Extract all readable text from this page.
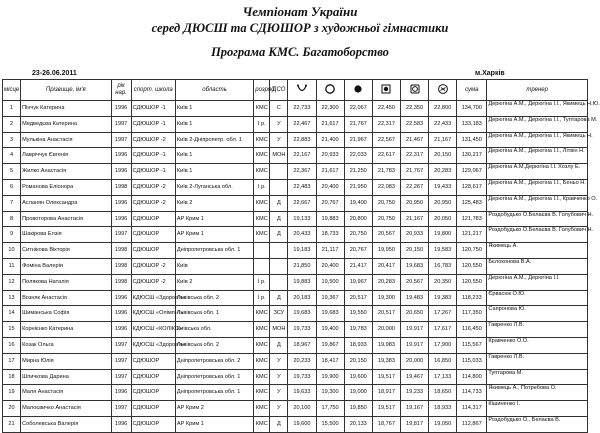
Чемпіонат України
серед ДЮСШ та СДЮШОР з художньої гімнастики
Програма КМС. Багатоборство
23-26.06.2011	м.Харків
місце	Прізвище, ім'я	рік нар.	спорт. школа	область	розряд	ДСО							сума	тренер
1	Пінчук Катерина	1996	СДЮШОР -1	Київ 1	КМС	С	22,733	22,300	22,067	22,450	22,350	22,800	134,700	Дерюгіна А.М., Дерюгіна І.І., Якимець Н.Ю.
2	Медведєва Катерина	1997	СДЮШОР -1	Київ 1	І р.	У	22,467	21,617	21,767	22,317	22,583	22,433	133,183	Дерюгіна А.М., Дерюгіна І.І., Туптарова М.
3	Мулькіна Анастасія	1997	СДЮШОР -2	Київ 2-Дніпропетр. обл. 1	КМС	У	22,883	21,400	21,967	22,567	21,467	21,167	131,450	Дерюгіна А.М., Дерюгіна І.І., Якимець Н.
4	Лавріччук Євгенія	1996	СДЮШОР -1	Київ 1	КМС	МОН	22,167	20,933	22,033	22,617	22,317	20,150	130,217	Дерюгіна А.М., Дерюгіна І.І., Літвін Н.
5	Жилко Анастасія	1996	СДЮШОР -1	Київ 1	КМС		22,367	21,617	21,250	21,783	21,767	20,283	129,067	Дерюгіна А.М.Дерюгіна І.І. Хозлу Е.
6	Романова Еліонора	1998	СДЮШОР -2	Київ 2-Луганська обл.	І р.		22,483	20,400	21,950	22,083	22,267	19,433	128,617	Дерюгіна А.М., Дерюгіна І.І., Беньо Н.
7	Асланян Олександра	1996	СДЮШОР -2	Київ 2	КМС	Д	22,667	20,767	19,400	20,750	20,950	20,950	125,483	Дерюгіна А.М., Дерюгіна І.І., Кравченко О.
8	Провоторова Анастасія	1996	СДЮШОР	АР Крим 1	КМС	Д	19,133	19,883	20,800	20,750	21,167	20,050	121,783	Роздобудько О.Белаєва В. Голубович Н.
9	Шакірова Елзія	1997	СДЮШОР	АР Крим 1	КМС	Д	20,433	18,733	20,750	20,567	20,933	19,800	121,217	Роздобудько О.Белаєва В. Голубович Н.
10	Ситнікова Вікторія	1998	СДЮШОР	Дніпропетровська обл. 1			19,183	21,117	20,767	19,950	20,150	19,583	120,750	Якимець А.
11	Фоміна Валерія	1998	СДЮШОР -2	Київ			21,850	20,400	21,417	20,417	19,683	16,783	120,550	Бєлоконова В.А.
12	Полякова Наталія	1998	СДЮШОР -2	Київ 2	І р.		19,883	19,500	19,967	20,283	20,567	20,350	120,550	Дерюгіна А.М., Дерюгіна І.І.
13	Возняк Анастасія	1996	КДЮСШ «Здоров'я»	Львівська обл. 2	І р.	Д	20,183	19,367	20,517	19,300	19,483	19,383	118,233	Єрвасюк О.Ю.
14	Шиманська Софія	1996	КДЮСШ «Олімп-Л»	Львівська обл. 1	КМС	ЗСУ	19,683	19,683	19,550	20,517	20,650	17,267	117,350	Сапронова Ю.
15	Корнієнко Катерина	1996	КДЮСШ «КОЛІКС»	Київська обл.	КМС	МОН	19,733	19,400	19,783	20,000	19,917	17,617	116,450	Гавренко Л.В.
16	Козак Ольга	1997	КДЮСШ «Здоров'я»	Львівська обл. 2	КМС	Д	18,967	19,867	18,933	19,983	19,917	17,900	115,567	Кравченко О.О.
17	Мирна Юлія	1997	СДЮШОР	Дніпропетровська обл. 2	КМС	У	20,233	18,417	20,150	19,383	20,000	16,850	115,033	Гавренко Л.В.
18	Шпичкова Дарина	1997	СДЮШОР	Дніпропетровська обл. 1	КМС	У	19,733	19,900	19,600	19,517	19,467	17,133	114,800	Туптарова М.
19	Маля Анастасія	1996	СДЮШОР	Дніпропетровська обл. 1	КМС	У	19,633	19,300	19,000	18,917	19,233	18,650	114,733	Якимець А., Потребова О.
20	Малоєвичко Анастасія	1997	СДЮШОР	АР Крим 2	КМС	У	20,100	17,750	19,850	19,517	19,167	18,933	114,317	Кішиненко І.
21	Соболевська Валерія	1996	СДЮШОР	АР Крим 1	КМС	Д	19,600	15,500	20,133	18,767	19,817	19,050	112,867	Роздобудько О., Белаєва В.
